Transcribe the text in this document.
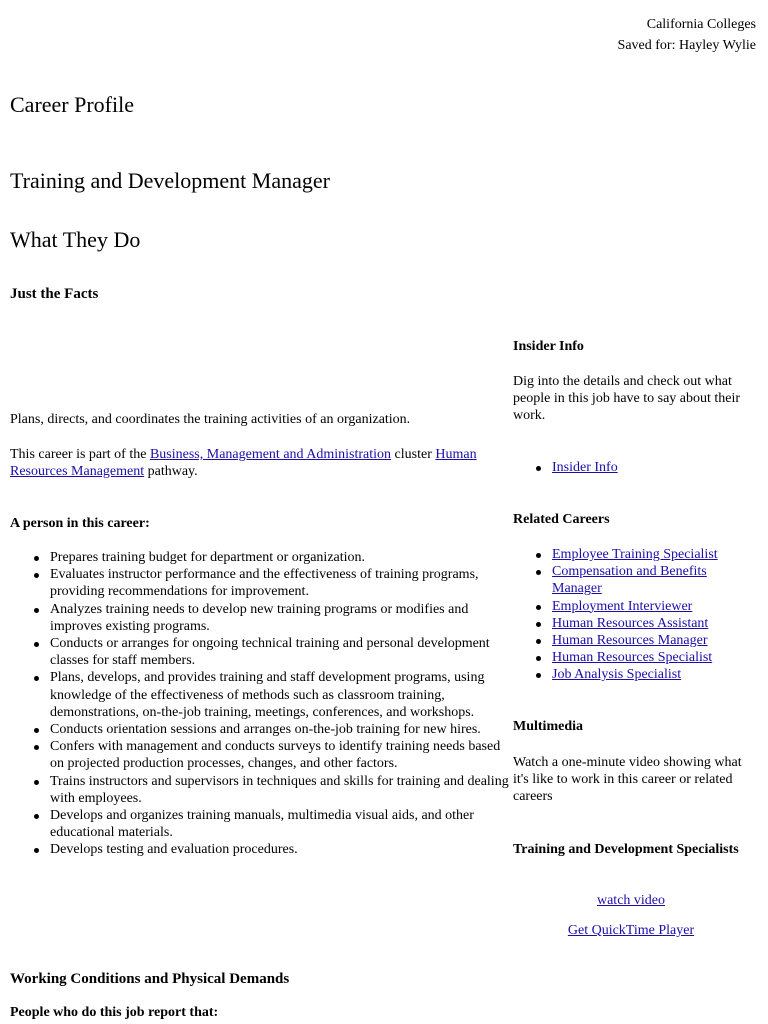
California Colleges
Saved for: Hayley Wylie
Career Profile
Training and Development Manager
What They Do
Just the Facts

Plans, directs, and coordinates the training activities of an organization.

This career is part of the Business, Management and Administration cluster Human Resources Management pathway.

A person in this career:
Prepares training budget for department or organization.
Evaluates instructor performance and the effectiveness of training programs, providing recommendations for improvement.
Analyzes training needs to develop new training programs or modifies and improves existing programs.
Conducts or arranges for ongoing technical training and personal development classes for staff members.
Plans, develops, and provides training and staff development programs, using knowledge of the effectiveness of methods such as classroom training, demonstrations, on-the-job training, meetings, conferences, and workshops.
Conducts orientation sessions and arranges on-the-job training for new hires.
Confers with management and conducts surveys to identify training needs based on projected production processes, changes, and other factors.
Trains instructors and supervisors in techniques and skills for training and dealing with employees.
Develops and organizes training manuals, multimedia visual aids, and other educational materials.
Develops testing and evaluation procedures.
Working Conditions and Physical Demands
People who do this job report that:
Insider Info

Dig into the details and check out what people in this job have to say about their work.

Insider Info
Related Careers
Employee Training Specialist
Compensation and Benefits Manager
Employment Interviewer
Human Resources Assistant
Human Resources Manager
Human Resources Specialist
Job Analysis Specialist
Multimedia

Watch a one-minute video showing what it's like to work in this career or related careers

Training and Development Specialists
watch video
Get QuickTime Player
